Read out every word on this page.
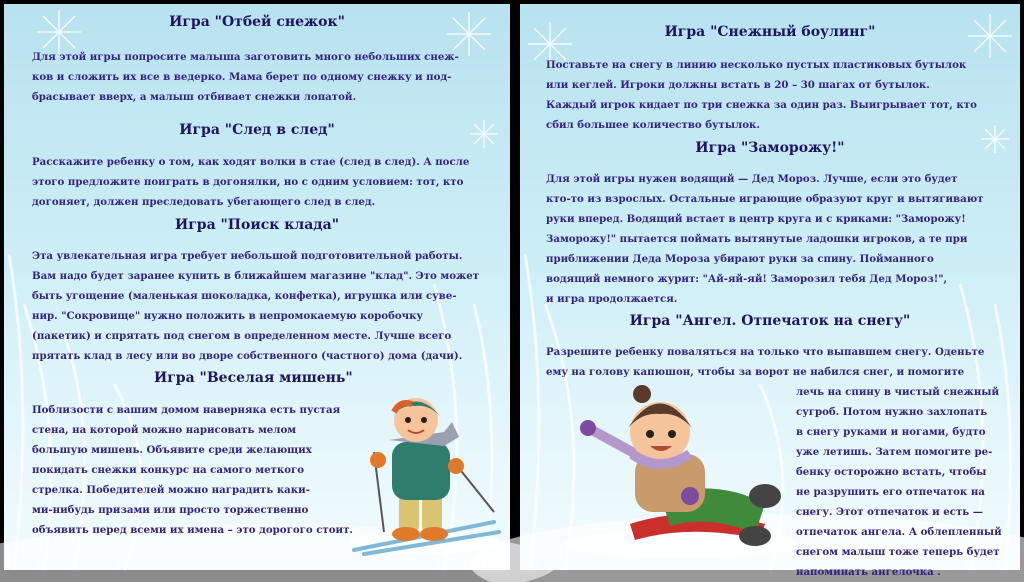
Игра "Отбей снежок"
Для этой игры попросите малыша заготовить много небольших снеж-
ков и сложить их все в ведерко. Мама берет по одному снежку и под-
брасывает вверх, а малыш отбивает снежки лопатой.
Игра "След в след"
Расскажите ребенку о том, как ходят волки в стае (след в след). А после
этого предложите поиграть в догонялки, но с одним условием: тот, кто
догоняет, должен преследовать убегающего след в след.
Игра "Поиск клада"
Эта увлекательная игра требует небольшой подготовительной работы.
Вам надо будет заранее купить в ближайшем магазине "клад". Это может
быть угощение (маленькая шоколадка, конфетка), игрушка или суве-
нир. "Сокровище" нужно положить в непромокаемую коробочку
(пакетик) и спрятать под снегом в определенном месте. Лучше всего
прятать клад в лесу или во дворе собственного (частного) дома (дачи).
Игра "Веселая мишень"
Поблизости с вашим домом наверняка есть пустая
стена, на которой можно нарисовать мелом
большую мишень. Объявите среди желающих
покидать снежки конкурс на самого меткого
стрелка. Победителей можно наградить каки-
ми-нибудь призами или просто торжественно
объявить перед всеми их имена – это дорогого стоит.
Игра "Снежный боулинг"
Поставьте на снегу в линию несколько пустых пластиковых бутылок
или кеглей. Игроки должны встать в 20 – 30 шагах от бутылок.
Каждый игрок кидает по три снежка за один раз. Выигрывает тот, кто
сбил большее количество бутылок.
Игра "Заморожу!"
Для этой игры нужен водящий — Дед Мороз. Лучше, если это будет
кто-то из взрослых. Остальные играющие образуют круг и вытягивают
руки вперед. Водящий встает в центр круга и с криками: "Заморожу!
Заморожу!" пытается поймать вытянутые ладошки игроков, а те при
приближении Деда Мороза убирают руки за спину. Пойманного
водящий немного журит: "Ай-яй-яй! Заморозил тебя Дед Мороз!",
и игра продолжается.
Игра "Ангел. Отпечаток на снегу"
Разрешите ребенку поваляться на только что выпавшем снегу. Оденьте
ему на голову капюшон, чтобы за ворот не набился снег, и помогите
лечь на спину в чистый снежный
сугроб. Потом нужно захлопать
в снегу руками и ногами, будто
уже летишь. Затем помогите ре-
бенку осторожно встать, чтобы
не разрушить его отпечаток на
снегу. Этот отпечаток и есть —
отпечаток ангела. А облепленный
снегом малыш тоже теперь будет
напоминать ангелочка .
